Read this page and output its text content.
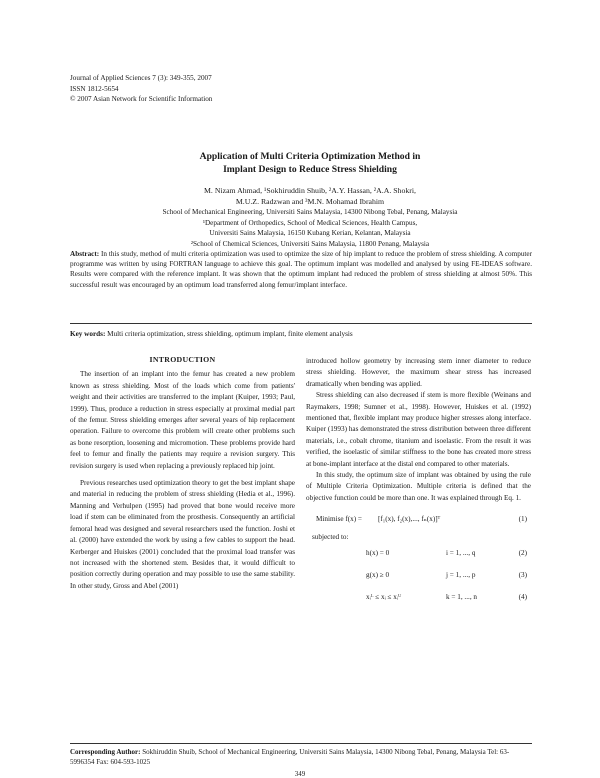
Journal of Applied Sciences 7 (3): 349-355, 2007
ISSN 1812-5654
© 2007 Asian Network for Scientific Information
Application of Multi Criteria Optimization Method in
Implant Design to Reduce Stress Shielding
M. Nizam Ahmad, ¹Sokhiruddin Shuib, ²A.Y. Hassan, ²A.A. Shokri,
M.U.Z. Radzwan and ³M.N. Mohamad Ibrahim
School of Mechanical Engineering, Universiti Sains Malaysia, 14300 Nibong Tebal, Penang, Malaysia
¹Department of Orthopedics, School of Medical Sciences, Health Campus,
Universiti Sains Malaysia, 16150 Kubang Kerian, Kelantan, Malaysia
²School of Chemical Sciences, Universiti Sains Malaysia, 11800 Penang, Malaysia
Abstract: In this study, method of multi criteria optimization was used to optimize the size of hip implant to reduce the problem of stress shielding. A computer programme was written by using FORTRAN language to achieve this goal. The optimum implant was modelled and analysed by using FE-IDEAS software. Results were compared with the reference implant. It was shown that the optimum implant had reduced the problem of stress shielding at almost 50%. This successful result was encouraged by an optimum load transferred along femur/implant interface.
Key words: Multi criteria optimization, stress shielding, optimum implant, finite element analysis
INTRODUCTION

The insertion of an implant into the femur has created a new problem known as stress shielding. Most of the loads which come from patients' weight and their activities are transferred to the implant (Kuiper, 1993; Paul, 1999). Thus, produce a reduction in stress especially at proximal medial part of the femur. Stress shielding emerges after several years of hip replacement operation. Failure to overcome this problem will create other problems such as bone resorption, loosening and micromotion. These problems provide hard feel to femur and finally the patients may require a revision surgery. This revision surgery is used when replacing a previously replaced hip joint.

Previous researches used optimization theory to get the best implant shape and material in reducing the problem of stress shielding (Hedia et al., 1996). Manning and Verhulpen (1995) had proved that bone would receive more load if stem can be eliminated from the prosthesis. Consequently an artificial femoral head was designed and several researchers used the function. Joshi et al. (2000) have extended the work by using a few cables to support the head. Kerberger and Huiskes (2001) concluded that the proximal load transfer was not increased with the shortened stem. Besides that, it would difficult to position correctly during operation and may possible to use the same stability. In other study, Gross and Abel (2001)

introduced hollow geometry by increasing stem inner diameter to reduce stress shielding. However, the maximum shear stress has increased dramatically when bending was applied.

Stress shielding can also decreased if stem is more flexible (Weinans and Raymakers, 1998; Sumner et al., 1998). However, Huiskes et al. (1992) mentioned that, flexible implant may produce higher stresses along interface. Kuiper (1993) has demonstrated the stress distribution between three different materials, i.e., cobalt chrome, titanium and isoelastic. From the result it was verified, the isoelastic of similar stiffness to the bone has created more stress at bone-implant interface at the distal end compared to other materials.

In this study, the optimum size of implant was obtained by using the rule of Multiple Criteria Optimization. Multiple criteria is defined that the objective function could be more than one. It was explained through Eq. 1.

Minimise f(x) = [f₁(x), f₂(x),..., fₙ(x)]ᵀ	(1)
subjected to:
h(x) = 0	i = 1, ..., q	(2)
g(x) ≥ 0	j = 1, ..., p	(3)
xᵢᴸ ≤ xᵢ ≤ xᵢᵁ	k = 1, ..., n	(4)
Corresponding Author: Sokhiruddin Shuib, School of Mechanical Engineering, Universiti Sains Malaysia, 14300 Nibong Tebal, Penang, Malaysia Tel: 63-5996354 Fax: 604-593-1025
349
